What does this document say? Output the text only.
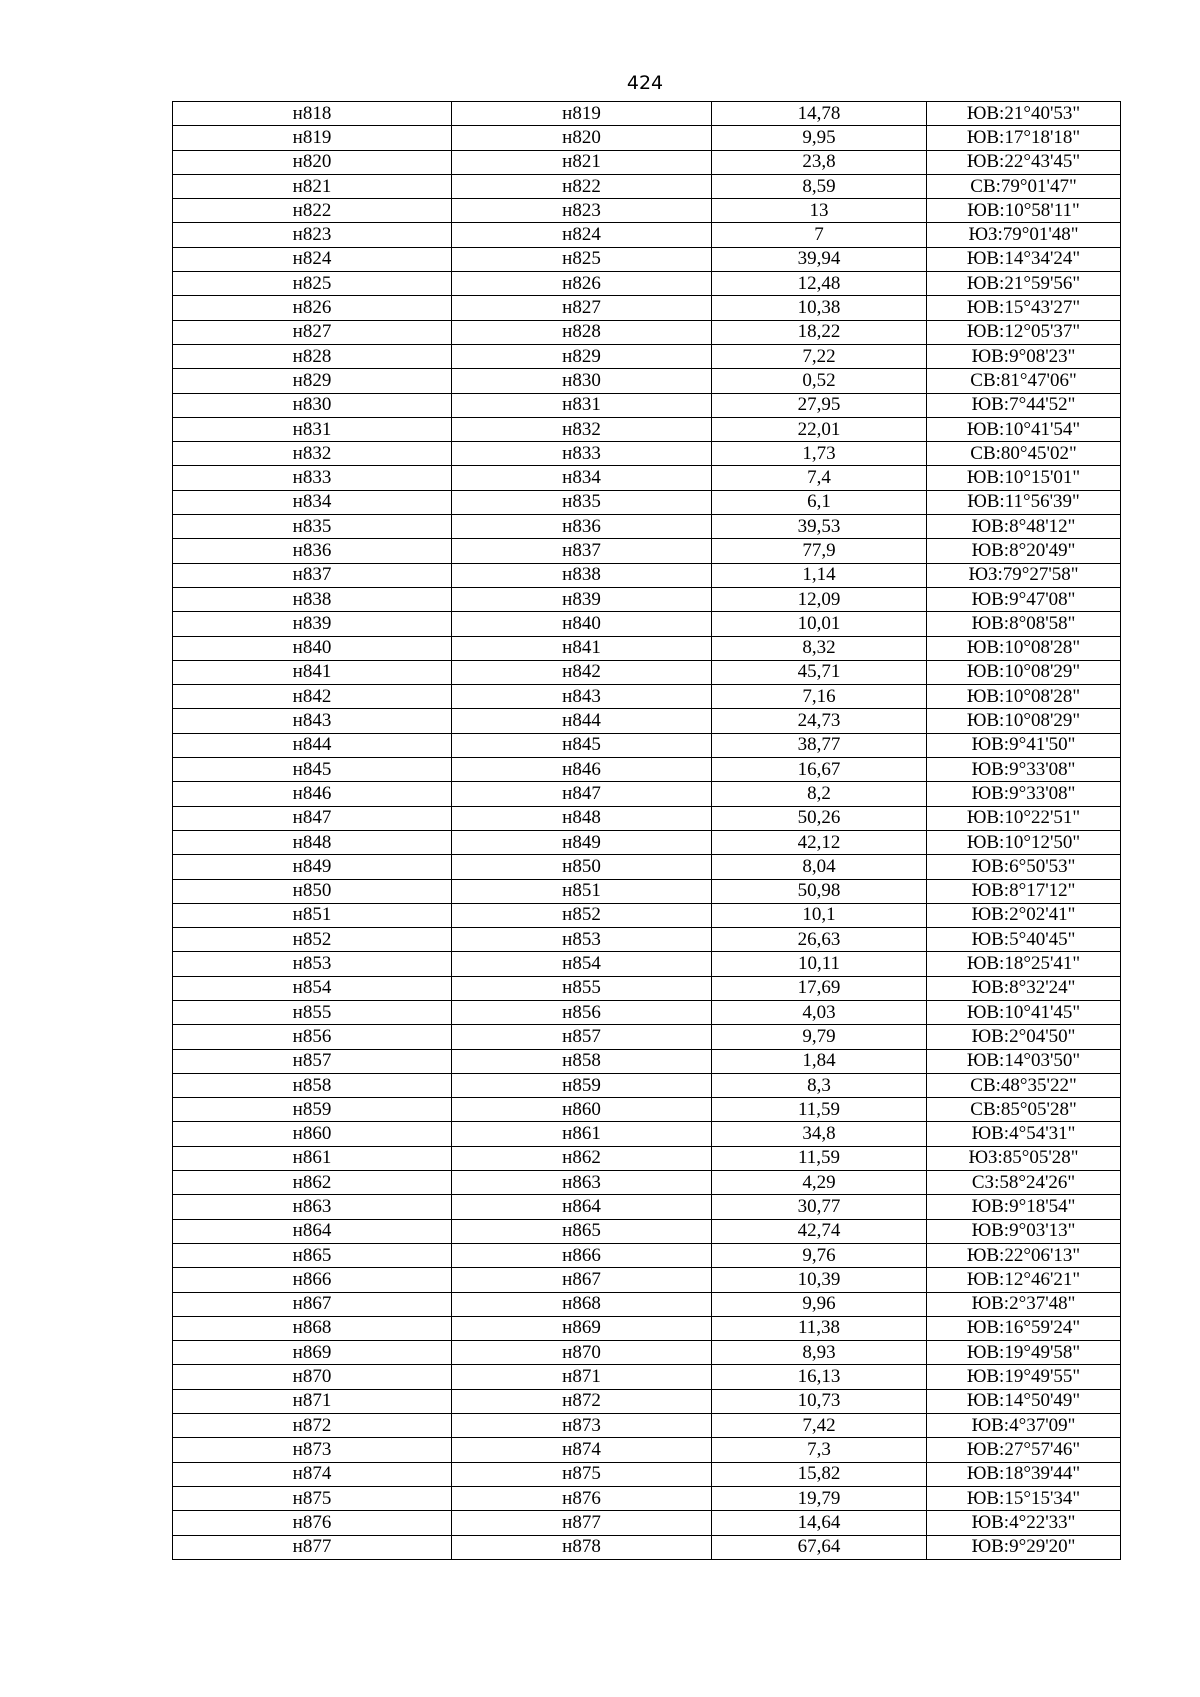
424
н818	н819	14,78	ЮВ:21°40'53"
н819	н820	9,95	ЮВ:17°18'18"
н820	н821	23,8	ЮВ:22°43'45"
н821	н822	8,59	СВ:79°01'47"
н822	н823	13	ЮВ:10°58'11"
н823	н824	7	ЮЗ:79°01'48"
н824	н825	39,94	ЮВ:14°34'24"
н825	н826	12,48	ЮВ:21°59'56"
н826	н827	10,38	ЮВ:15°43'27"
н827	н828	18,22	ЮВ:12°05'37"
н828	н829	7,22	ЮВ:9°08'23"
н829	н830	0,52	СВ:81°47'06"
н830	н831	27,95	ЮВ:7°44'52"
н831	н832	22,01	ЮВ:10°41'54"
н832	н833	1,73	СВ:80°45'02"
н833	н834	7,4	ЮВ:10°15'01"
н834	н835	6,1	ЮВ:11°56'39"
н835	н836	39,53	ЮВ:8°48'12"
н836	н837	77,9	ЮВ:8°20'49"
н837	н838	1,14	ЮЗ:79°27'58"
н838	н839	12,09	ЮВ:9°47'08"
н839	н840	10,01	ЮВ:8°08'58"
н840	н841	8,32	ЮВ:10°08'28"
н841	н842	45,71	ЮВ:10°08'29"
н842	н843	7,16	ЮВ:10°08'28"
н843	н844	24,73	ЮВ:10°08'29"
н844	н845	38,77	ЮВ:9°41'50"
н845	н846	16,67	ЮВ:9°33'08"
н846	н847	8,2	ЮВ:9°33'08"
н847	н848	50,26	ЮВ:10°22'51"
н848	н849	42,12	ЮВ:10°12'50"
н849	н850	8,04	ЮВ:6°50'53"
н850	н851	50,98	ЮВ:8°17'12"
н851	н852	10,1	ЮВ:2°02'41"
н852	н853	26,63	ЮВ:5°40'45"
н853	н854	10,11	ЮВ:18°25'41"
н854	н855	17,69	ЮВ:8°32'24"
н855	н856	4,03	ЮВ:10°41'45"
н856	н857	9,79	ЮВ:2°04'50"
н857	н858	1,84	ЮВ:14°03'50"
н858	н859	8,3	СВ:48°35'22"
н859	н860	11,59	СВ:85°05'28"
н860	н861	34,8	ЮВ:4°54'31"
н861	н862	11,59	ЮЗ:85°05'28"
н862	н863	4,29	СЗ:58°24'26"
н863	н864	30,77	ЮВ:9°18'54"
н864	н865	42,74	ЮВ:9°03'13"
н865	н866	9,76	ЮВ:22°06'13"
н866	н867	10,39	ЮВ:12°46'21"
н867	н868	9,96	ЮВ:2°37'48"
н868	н869	11,38	ЮВ:16°59'24"
н869	н870	8,93	ЮВ:19°49'58"
н870	н871	16,13	ЮВ:19°49'55"
н871	н872	10,73	ЮВ:14°50'49"
н872	н873	7,42	ЮВ:4°37'09"
н873	н874	7,3	ЮВ:27°57'46"
н874	н875	15,82	ЮВ:18°39'44"
н875	н876	19,79	ЮВ:15°15'34"
н876	н877	14,64	ЮВ:4°22'33"
н877	н878	67,64	ЮВ:9°29'20"
